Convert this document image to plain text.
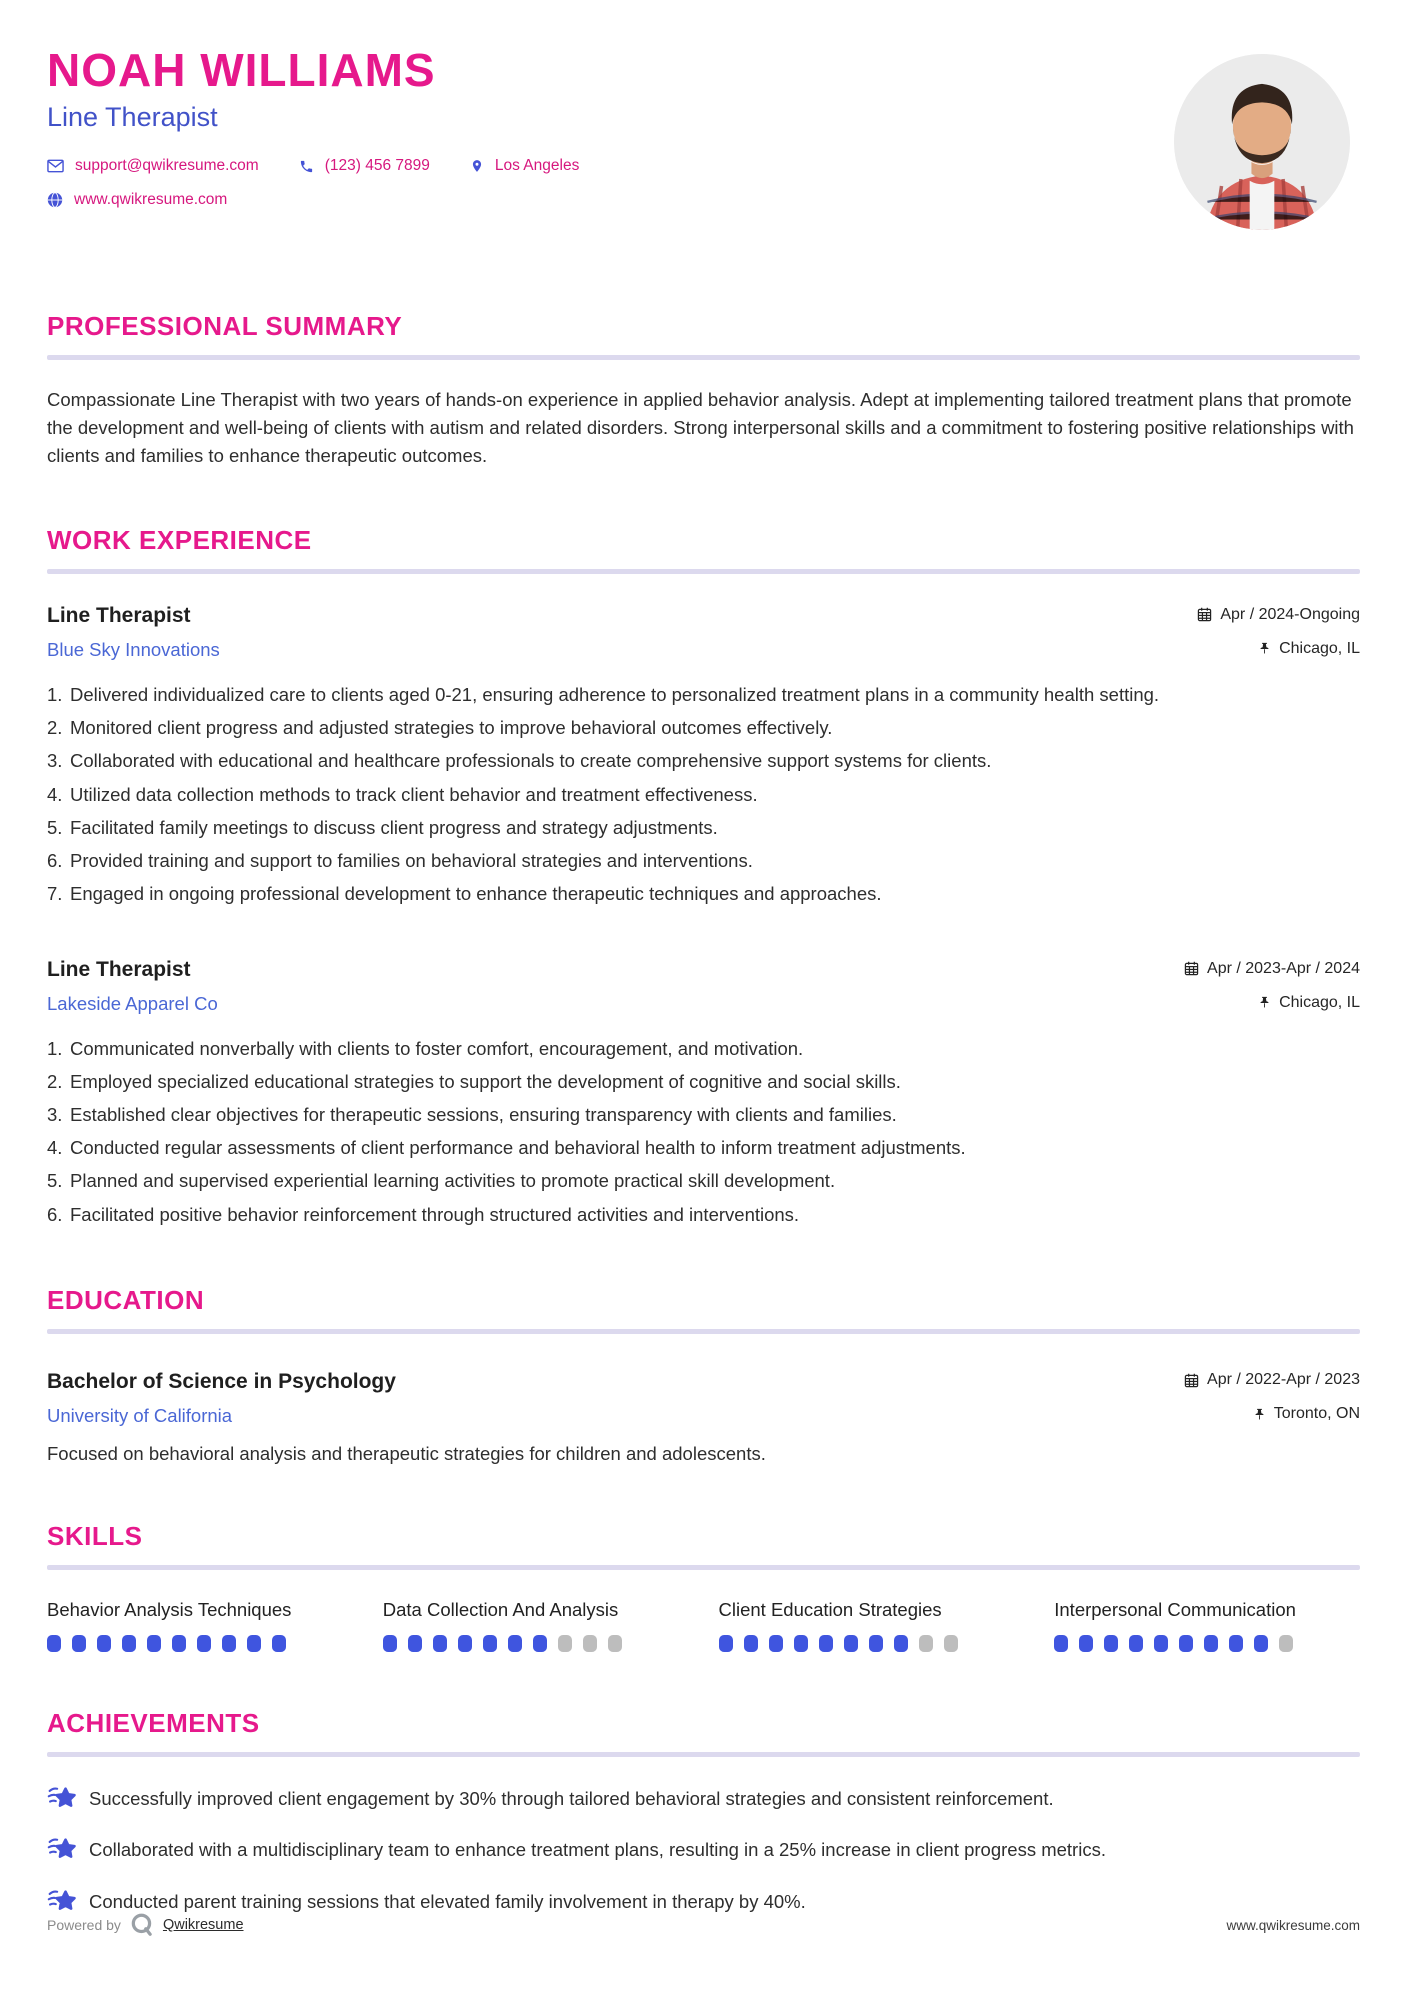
NOAH WILLIAMS
Line Therapist
support@qwikresume.com	(123) 456 7899	Los Angeles
www.qwikresume.com
PROFESSIONAL SUMMARY

Compassionate Line Therapist with two years of hands-on experience in applied behavior analysis. Adept at implementing tailored treatment plans that promote the development and well-being of clients with autism and related disorders. Strong interpersonal skills and a commitment to fostering positive relationships with clients and families to enhance therapeutic outcomes.

WORK EXPERIENCE
Line Therapist	Apr / 2024-Ongoing
Blue Sky Innovations	Chicago, IL
1. Delivered individualized care to clients aged 0-21, ensuring adherence to personalized treatment plans in a community health setting.
2. Monitored client progress and adjusted strategies to improve behavioral outcomes effectively.
3. Collaborated with educational and healthcare professionals to create comprehensive support systems for clients.
4. Utilized data collection methods to track client behavior and treatment effectiveness.
5. Facilitated family meetings to discuss client progress and strategy adjustments.
6. Provided training and support to families on behavioral strategies and interventions.
7. Engaged in ongoing professional development to enhance therapeutic techniques and approaches.
Line Therapist	Apr / 2023-Apr / 2024
Lakeside Apparel Co	Chicago, IL
1. Communicated nonverbally with clients to foster comfort, encouragement, and motivation.
2. Employed specialized educational strategies to support the development of cognitive and social skills.
3. Established clear objectives for therapeutic sessions, ensuring transparency with clients and families.
4. Conducted regular assessments of client performance and behavioral health to inform treatment adjustments.
5. Planned and supervised experiential learning activities to promote practical skill development.
6. Facilitated positive behavior reinforcement through structured activities and interventions.
EDUCATION
Bachelor of Science in Psychology	Apr / 2022-Apr / 2023
University of California	Toronto, ON

Focused on behavioral analysis and therapeutic strategies for children and adolescents.

SKILLS
Behavior Analysis Techniques	Data Collection And Analysis	Client Education Strategies	Interpersonal Communication
ACHIEVEMENTS
Successfully improved client engagement by 30% through tailored behavioral strategies and consistent reinforcement.
Collaborated with a multidisciplinary team to enhance treatment plans, resulting in a 25% increase in client progress metrics.
Conducted parent training sessions that elevated family involvement in therapy by 40%.
Powered by	Qwikresume	www.qwikresume.com
